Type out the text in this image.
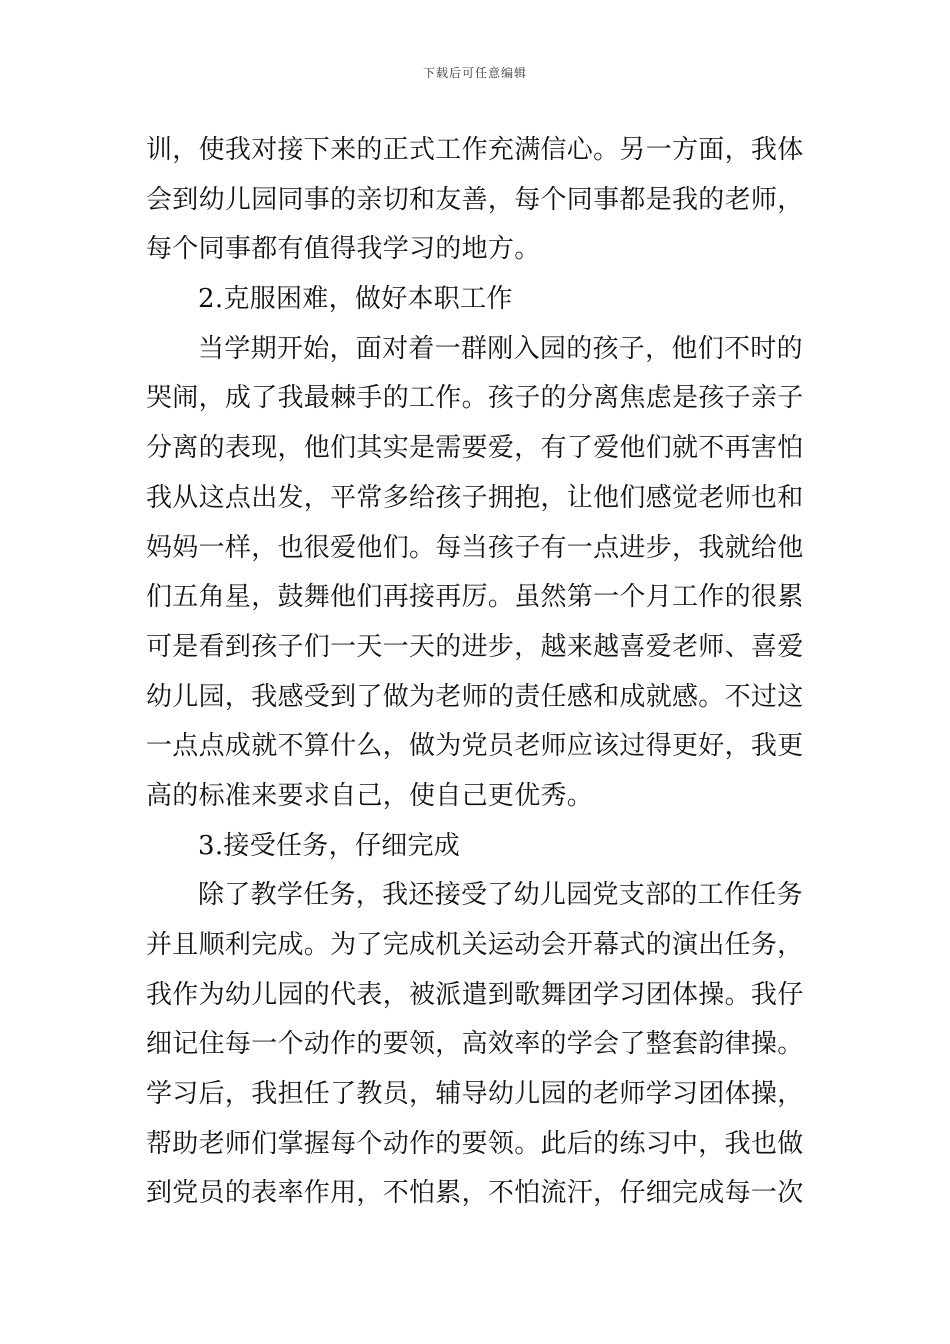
下载后可任意编辑
训，使我对接下来的正式工作充满信心。另一方面，我体
会到幼儿园同事的亲切和友善，每个同事都是我的老师，
每个同事都有值得我学习的地方。
2.克服困难，做好本职工作
当学期开始，面对着一群刚入园的孩子，他们不时的
哭闹，成了我最棘手的工作。孩子的分离焦虑是孩子亲子
分离的表现，他们其实是需要爱，有了爱他们就不再害怕
我从这点出发，平常多给孩子拥抱，让他们感觉老师也和
妈妈一样，也很爱他们。每当孩子有一点进步，我就给他
们五角星，鼓舞他们再接再厉。虽然第一个月工作的很累
可是看到孩子们一天一天的进步，越来越喜爱老师、喜爱
幼儿园，我感受到了做为老师的责任感和成就感。不过这
一点点成就不算什么，做为党员老师应该过得更好，我更
高的标准来要求自己，使自己更优秀。
3.接受任务，仔细完成
除了教学任务，我还接受了幼儿园党支部的工作任务
并且顺利完成。为了完成机关运动会开幕式的演出任务，
我作为幼儿园的代表，被派遣到歌舞团学习团体操。我仔
细记住每一个动作的要领，高效率的学会了整套韵律操。
学习后，我担任了教员，辅导幼儿园的老师学习团体操，
帮助老师们掌握每个动作的要领。此后的练习中，我也做
到党员的表率作用，不怕累，不怕流汗，仔细完成每一次
